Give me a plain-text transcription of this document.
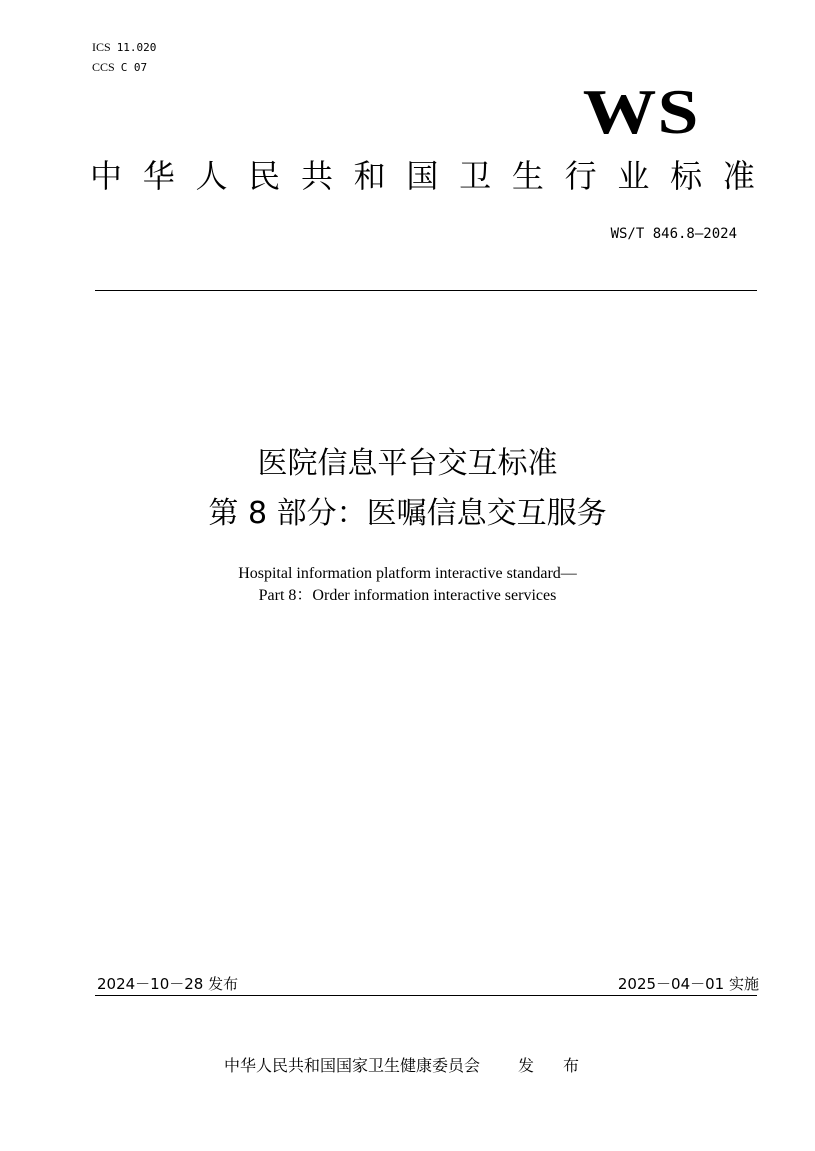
ICS 11.020
CCS C 07
WS
中 华 人 民 共 和 国 卫 生 行 业 标 准
WS/T 846.8—2024
医院信息平台交互标准
第 8 部分：医嘱信息交互服务
Hospital information platform interactive standard—
Part 8：Order information interactive services
2024－10－28 发布	2025－04－01 实施
中华人民共和国国家卫生健康委员会 发 布
